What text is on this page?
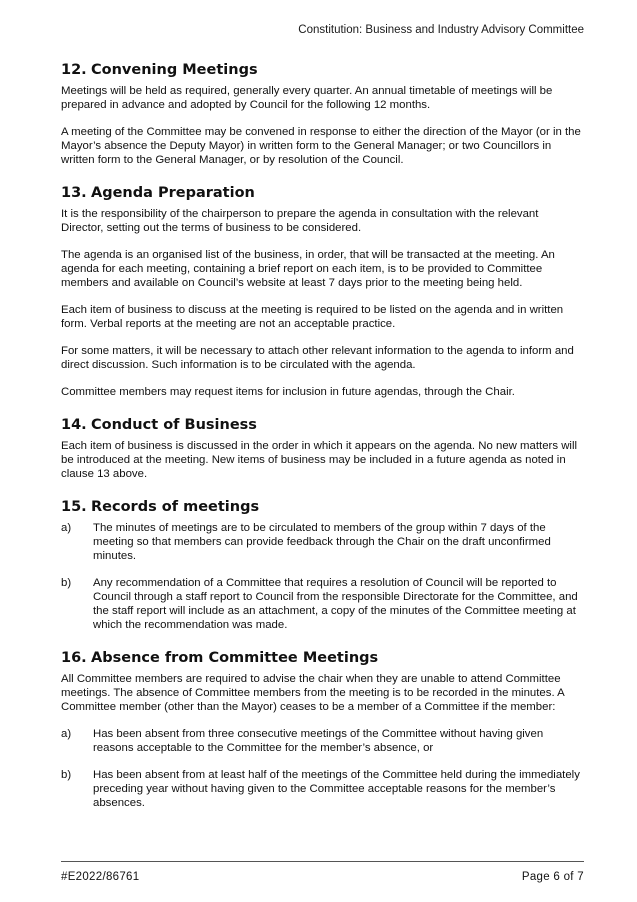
Constitution: Business and Industry Advisory Committee
12. Convening Meetings

Meetings will be held as required, generally every quarter. An annual timetable of meetings will be prepared in advance and adopted by Council for the following 12 months.

A meeting of the Committee may be convened in response to either the direction of the Mayor (or in the Mayor’s absence the Deputy Mayor) in written form to the General Manager; or two Councillors in written form to the General Manager, or by resolution of the Council.

13. Agenda Preparation

It is the responsibility of the chairperson to prepare the agenda in consultation with the relevant Director, setting out the terms of business to be considered.

The agenda is an organised list of the business, in order, that will be transacted at the meeting. An agenda for each meeting, containing a brief report on each item, is to be provided to Committee members and available on Council’s website at least 7 days prior to the meeting being held.

Each item of business to discuss at the meeting is required to be listed on the agenda and in written form. Verbal reports at the meeting are not an acceptable practice.

For some matters, it will be necessary to attach other relevant information to the agenda to inform and direct discussion. Such information is to be circulated with the agenda.

Committee members may request items for inclusion in future agendas, through the Chair.

14. Conduct of Business

Each item of business is discussed in the order in which it appears on the agenda. No new matters will be introduced at the meeting. New items of business may be included in a future agenda as noted in clause 13 above.

15. Records of meetings
a)	The minutes of meetings are to be circulated to members of the group within 7 days of the meeting so that members can provide feedback through the Chair on the draft unconfirmed minutes.
b)	Any recommendation of a Committee that requires a resolution of Council will be reported to Council through a staff report to Council from the responsible Directorate for the Committee, and the staff report will include as an attachment, a copy of the minutes of the Committee meeting at which the recommendation was made.
16. Absence from Committee Meetings

All Committee members are required to advise the chair when they are unable to attend Committee meetings. The absence of Committee members from the meeting is to be recorded in the minutes. A Committee member (other than the Mayor) ceases to be a member of a Committee if the member:

a)	Has been absent from three consecutive meetings of the Committee without having given reasons acceptable to the Committee for the member’s absence, or
b)	Has been absent from at least half of the meetings of the Committee held during the immediately preceding year without having given to the Committee acceptable reasons for the member’s absences.
#E2022/86761	Page 6 of 7
